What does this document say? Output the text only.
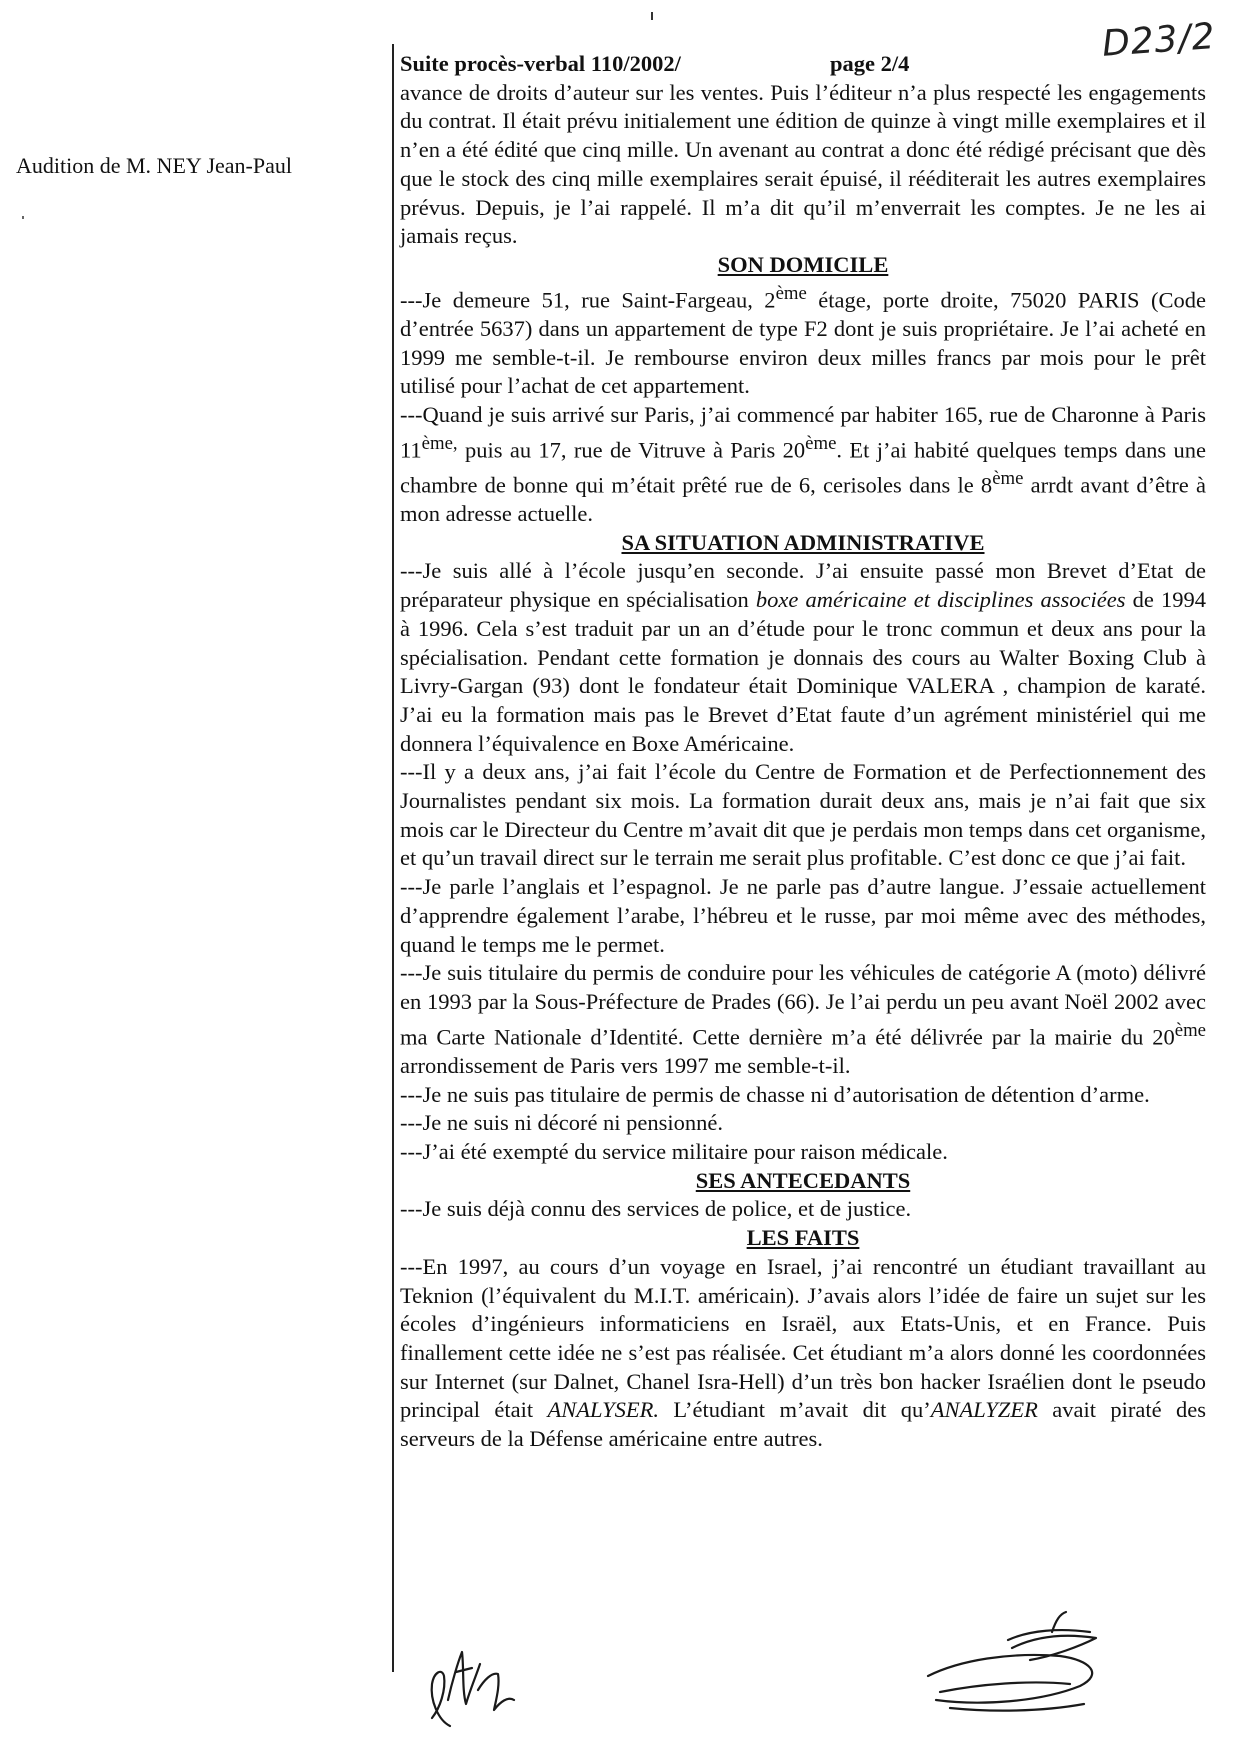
D23/2
Audition de M. NEY Jean-Paul
Suite procès-verbal 110/2002/	page 2/4

avance de droits d’auteur sur les ventes. Puis l’éditeur n’a plus respecté les engagements du contrat. Il était prévu initialement une édition de quinze à vingt mille exemplaires et il n’en a été édité que cinq mille. Un avenant au contrat a donc été rédigé précisant que dès que le stock des cinq mille exemplaires serait épuisé, il rééditerait les autres exemplaires prévus. Depuis, je l’ai rappelé. Il m’a dit qu’il m’enverrait les comptes. Je ne les ai jamais reçus.

SON DOMICILE

---Je demeure 51, rue Saint-Fargeau, 2ème étage, porte droite, 75020 PARIS (Code d’entrée 5637) dans un appartement de type F2 dont je suis propriétaire. Je l’ai acheté en 1999 me semble-t-il. Je rembourse environ deux milles francs par mois pour le prêt utilisé pour l’achat de cet appartement.

---Quand je suis arrivé sur Paris, j’ai commencé par habiter 165, rue de Charonne à Paris $11^{ème,}$ puis au 17, rue de Vitruve à Paris 20ème. Et j’ai habité quelques temps dans une chambre de bonne qui m’était prêté rue de 6, cerisoles dans le 8ème arrdt avant d’être à mon adresse actuelle.

SA SITUATION ADMINISTRATIVE

---Je suis allé à l’école jusqu’en seconde. J’ai ensuite passé mon Brevet d’Etat de préparateur physique en spécialisation boxe américaine et disciplines associées de 1994 à 1996. Cela s’est traduit par un an d’étude pour le tronc commun et deux ans pour la spécialisation. Pendant cette formation je donnais des cours au Walter Boxing Club à Livry-Gargan (93) dont le fondateur était Dominique VALERA , champion de karaté. J’ai eu la formation mais pas le Brevet d’Etat faute d’un agrément ministériel qui me donnera l’équivalence en Boxe Américaine.

---Il y a deux ans, j’ai fait l’école du Centre de Formation et de Perfectionnement des Journalistes pendant six mois. La formation durait deux ans, mais je n’ai fait que six mois car le Directeur du Centre m’avait dit que je perdais mon temps dans cet organisme, et qu’un travail direct sur le terrain me serait plus profitable. C’est donc ce que j’ai fait.

---Je parle l’anglais et l’espagnol. Je ne parle pas d’autre langue. J’essaie actuellement d’apprendre également l’arabe, l’hébreu et le russe, par moi même avec des méthodes, quand le temps me le permet.

---Je suis titulaire du permis de conduire pour les véhicules de catégorie A (moto) délivré en 1993 par la Sous-Préfecture de Prades (66). Je l’ai perdu un peu avant Noël 2002 avec ma Carte Nationale d’Identité. Cette dernière m’a été délivrée par la mairie du 20ème arrondissement de Paris vers 1997 me semble-t-il.

---Je ne suis pas titulaire de permis de chasse ni d’autorisation de détention d’arme.

---Je ne suis ni décoré ni pensionné.

---J’ai été exempté du service militaire pour raison médicale.

SES ANTECEDANTS

---Je suis déjà connu des services de police, et de justice.

LES FAITS

---En 1997, au cours d’un voyage en Israel, j’ai rencontré un étudiant travaillant au Teknion (l’équivalent du M.I.T. américain). J’avais alors l’idée de faire un sujet sur les écoles d’ingénieurs informaticiens en Israël, aux Etats-Unis, et en France. Puis finallement cette idée ne s’est pas réalisée. Cet étudiant m’a alors donné les coordonnées sur Internet (sur Dalnet, Chanel Isra-Hell) d’un très bon hacker Israélien dont le pseudo principal était ANALYSER. L’étudiant m’avait dit qu’ANALYZER avait piraté des serveurs de la Défense américaine entre autres.
